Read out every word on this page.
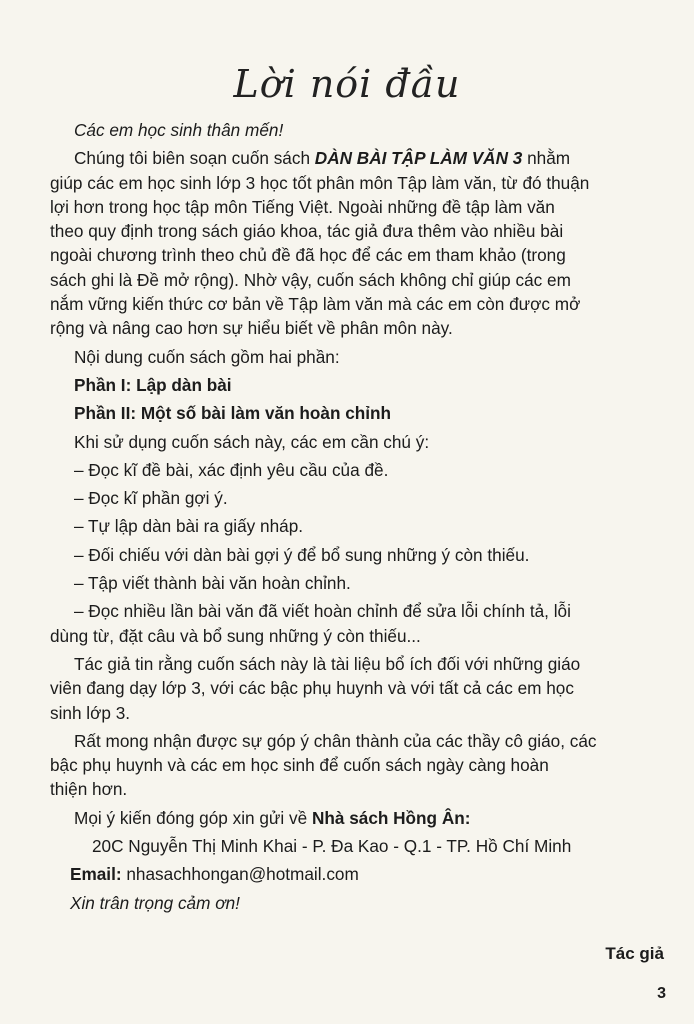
Lời nói đầu
Các em học sinh thân mến!
Chúng tôi biên soạn cuốn sách DÀN BÀI TẬP LÀM VĂN 3 nhằm
giúp các em học sinh lớp 3 học tốt phân môn Tập làm văn, từ đó thuận
lợi hơn trong học tập môn Tiếng Việt. Ngoài những đề tập làm văn
theo quy định trong sách giáo khoa, tác giả đưa thêm vào nhiều bài
ngoài chương trình theo chủ đề đã học để các em tham khảo (trong
sách ghi là Đề mở rộng). Nhờ vậy, cuốn sách không chỉ giúp các em
nắm vững kiến thức cơ bản về Tập làm văn mà các em còn được mở
rộng và nâng cao hơn sự hiểu biết về phân môn này.
Nội dung cuốn sách gồm hai phần:
Phần I: Lập dàn bài
Phần II: Một số bài làm văn hoàn chỉnh
Khi sử dụng cuốn sách này, các em cần chú ý:
– Đọc kĩ đề bài, xác định yêu cầu của đề.
– Đọc kĩ phần gợi ý.
– Tự lập dàn bài ra giấy nháp.
– Đối chiếu với dàn bài gợi ý để bổ sung những ý còn thiếu.
– Tập viết thành bài văn hoàn chỉnh.
– Đọc nhiều lần bài văn đã viết hoàn chỉnh để sửa lỗi chính tả, lỗi
dùng từ, đặt câu và bổ sung những ý còn thiếu...
Tác giả tin rằng cuốn sách này là tài liệu bổ ích đối với những giáo
viên đang dạy lớp 3, với các bậc phụ huynh và với tất cả các em học
sinh lớp 3.
Rất mong nhận được sự góp ý chân thành của các thầy cô giáo, các
bậc phụ huynh và các em học sinh để cuốn sách ngày càng hoàn
thiện hơn.
Mọi ý kiến đóng góp xin gửi về Nhà sách Hồng Ân:
20C Nguyễn Thị Minh Khai - P. Đa Kao - Q.1 - TP. Hồ Chí Minh
Email: nhasachhongan@hotmail.com
Xin trân trọng cảm ơn!
Tác giả
3
